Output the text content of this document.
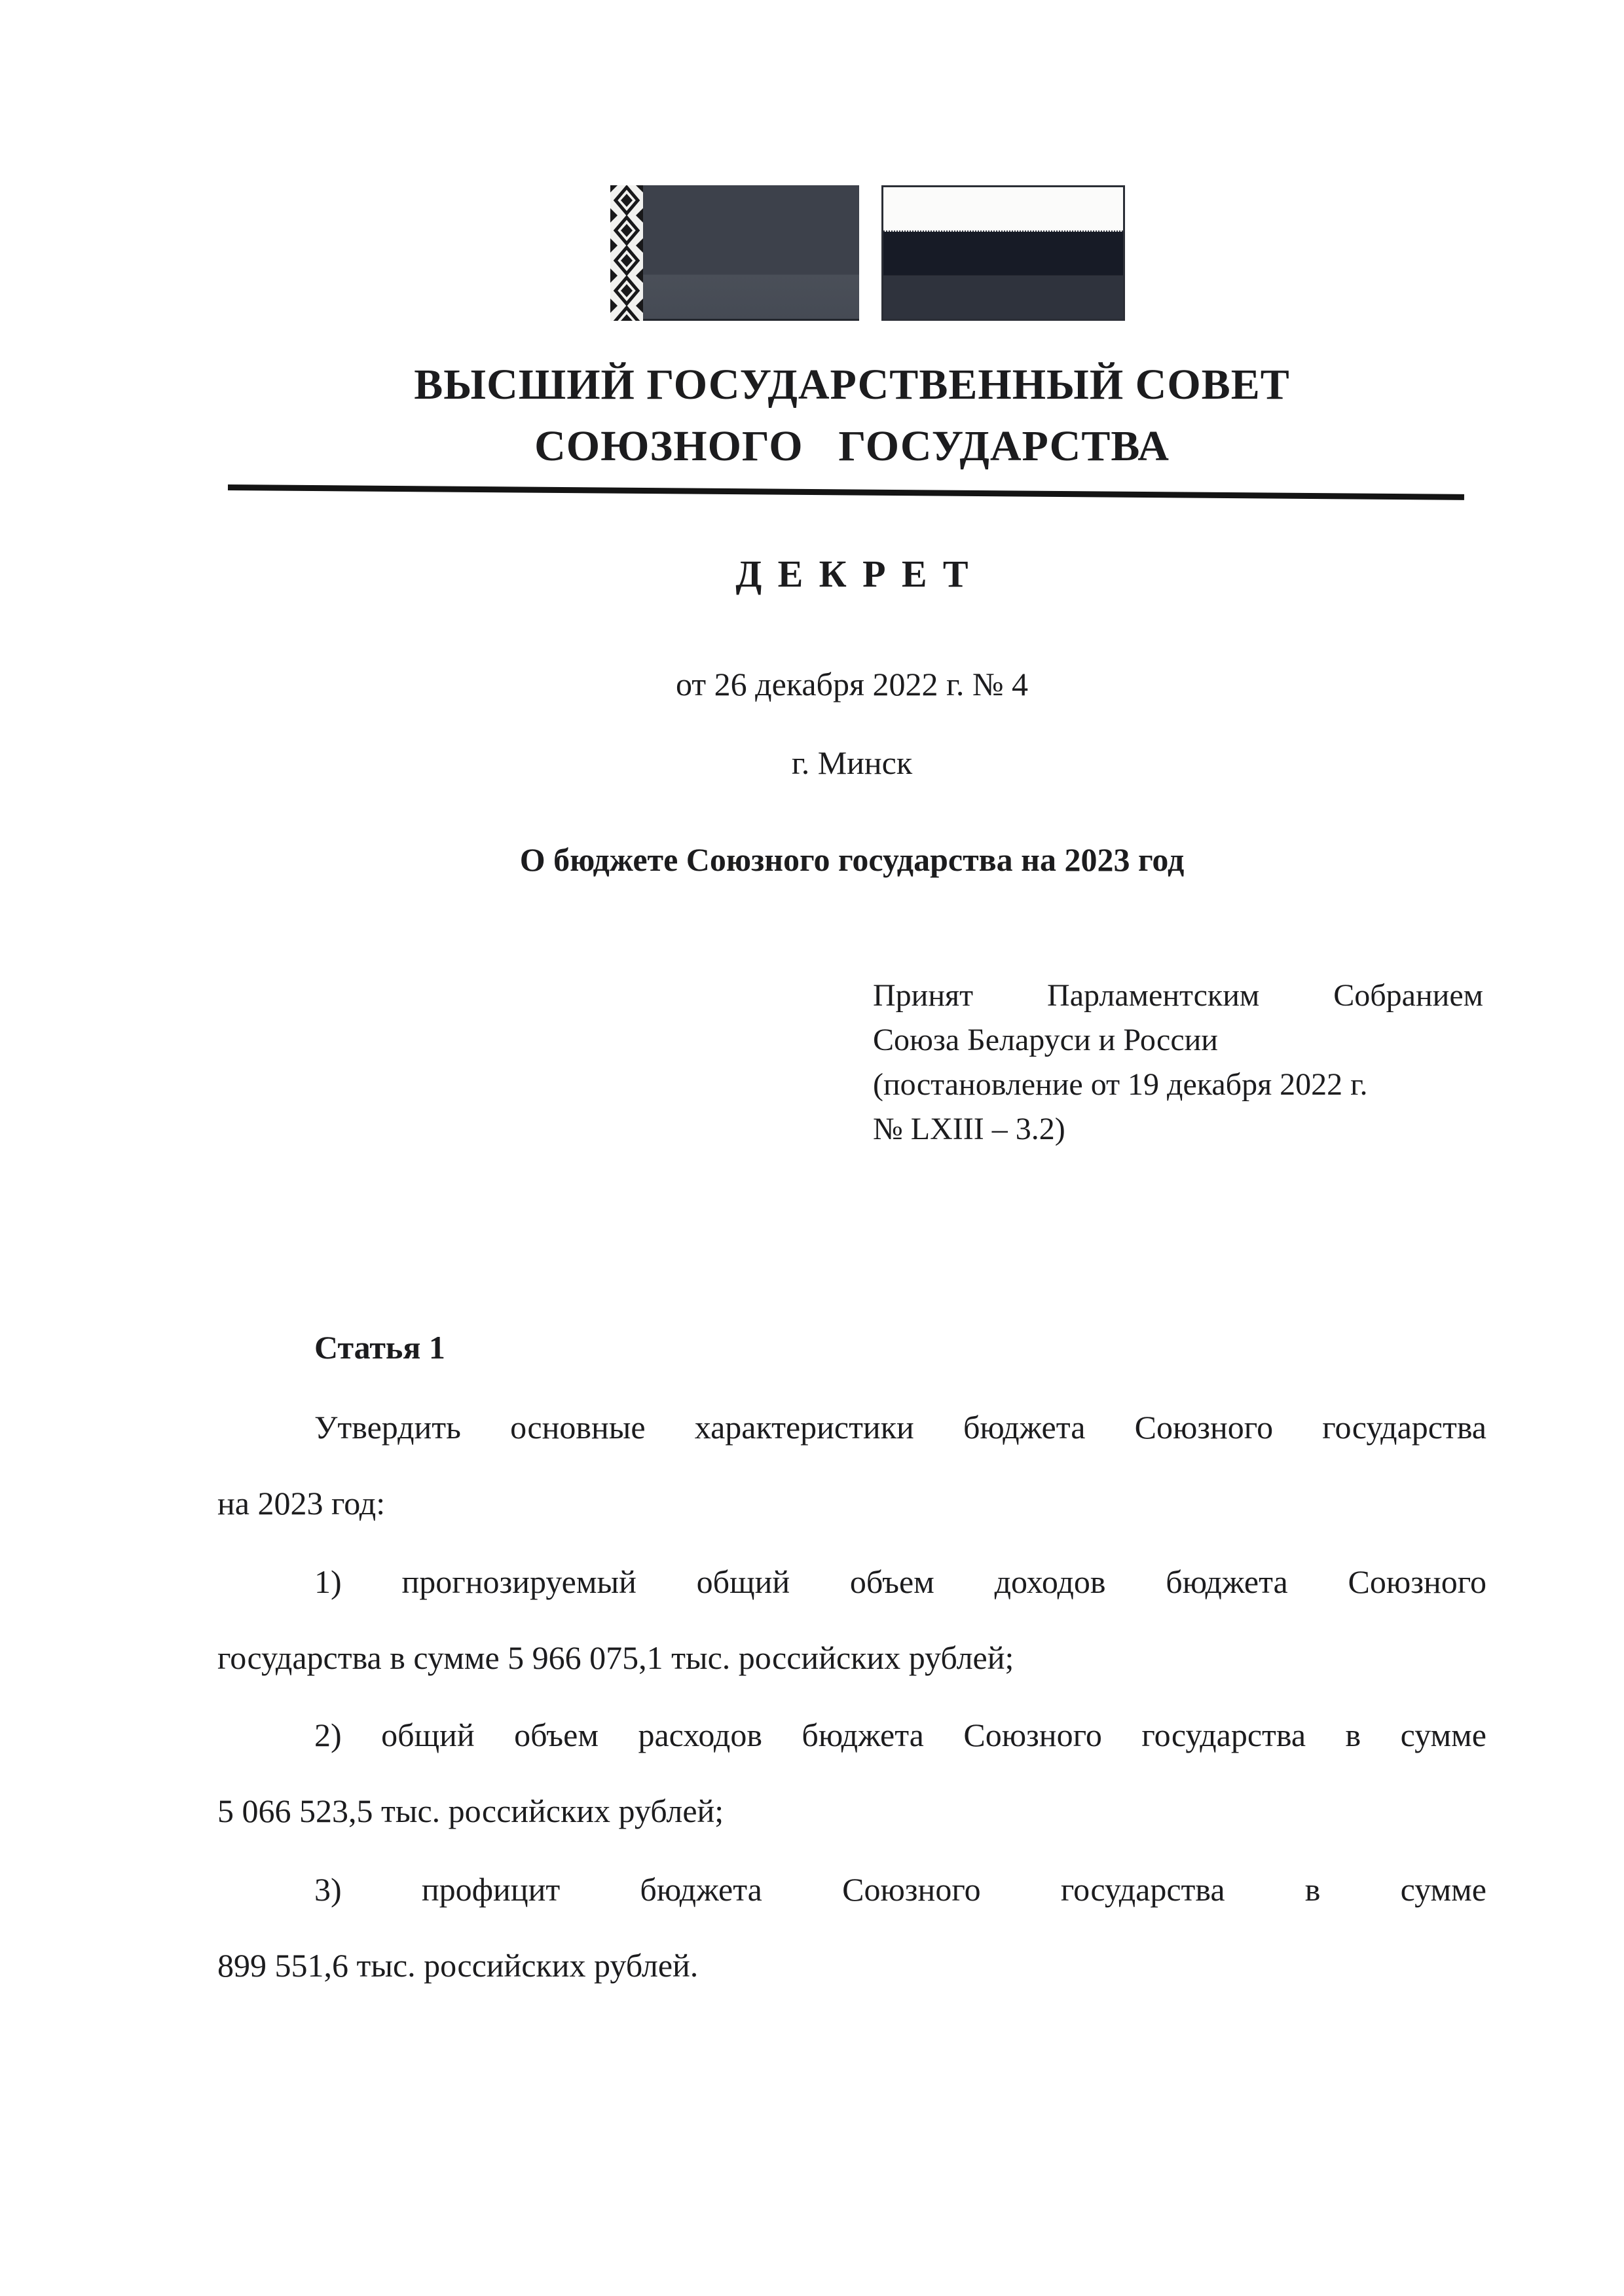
ВЫСШИЙ ГОСУДАРСТВЕННЫЙ СОВЕТ
СОЮЗНОГО ГОСУДАРСТВА
ДЕКРЕТ
от 26 декабря 2022 г. № 4
г. Минск
О бюджете Союзного государства на 2023 год
Принят Парламентским Собранием
Союза Беларуси и России
(постановление от 19 декабря 2022 г.
№ LXIII – 3.2)
Статья 1
Утвердить основные характеристики бюджета Союзного государства
на 2023 год:
1) прогнозируемый общий объем доходов бюджета Союзного
государства в сумме 5 966 075,1 тыс. российских рублей;
2) общий объем расходов бюджета Союзного государства в сумме
5 066 523,5 тыс. российских рублей;
3) профицит бюджета Союзного государства в сумме
899 551,6 тыс. российских рублей.
